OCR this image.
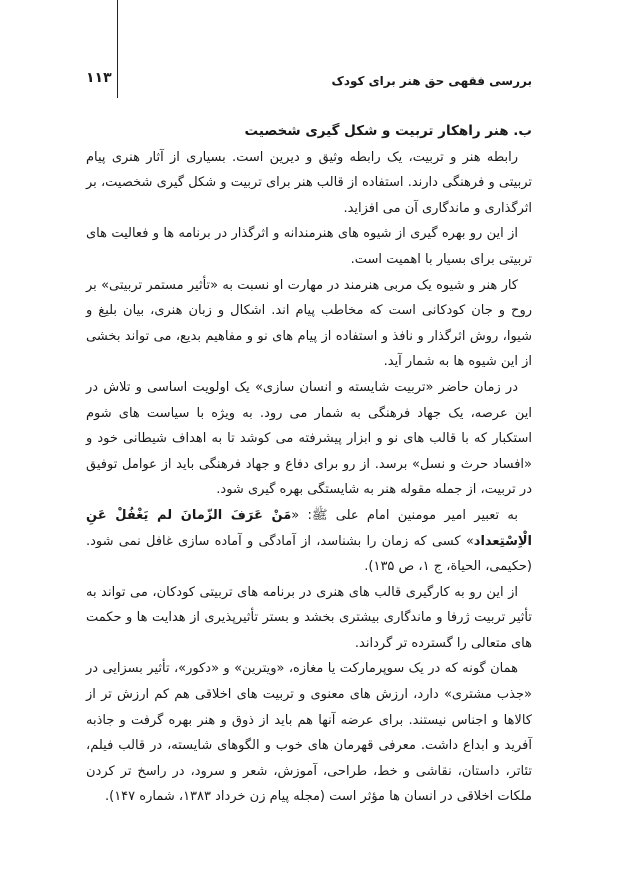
بررسی فقهی حق هنر برای کودک
۱۱۳

ب. هنر راهکار تربیت و شکل گیری شخصیت

رابطه هنر و تربیت، یک رابطه وثیق و دیرین است. بسیاری از آثار هنری پیام تربیتی و فرهنگی دارند. استفاده از قالب هنر برای تربیت و شکل گیری شخصیت، بر اثرگذاری و ماندگاری آن می افزاید.

از این رو بهره گیری از شیوه های هنرمندانه و اثرگذار در برنامه ها و فعالیت های تربیتی برای بسیار با اهمیت است.

کار هنر و شیوه یک مربی هنرمند در مهارت او نسبت به «تأثیر مستمر تربیتی» بر روح و جان کودکانی است که مخاطب پیام اند. اشکال و زبان هنری، بیان بلیغ و شیوا، روش اثرگذار و نافذ و استفاده از پیام های نو و مفاهیم بدیع، می تواند بخشی از این شیوه ها به شمار آید.

در زمان حاضر «تربیت شایسته و انسان سازی» یک اولویت اساسی و تلاش در این عرصه، یک جهاد فرهنگی به شمار می رود. به ویژه با سیاست های شوم استکبار که با قالب های نو و ابزار پیشرفته می کوشد تا به اهداف شیطانی خود و «افساد حرث و نسل» برسد. از رو برای دفاع و جهاد فرهنگی باید از عوامل توفیق در تربیت، از جمله مقوله هنر به شایستگی بهره گیری شود.

به تعبیر امیر مومنین امام علی ﷺ: «مَنْ عَرَفَ الزّمانَ لم یَغْفُلْ عَنِ الْاِسْتِعداد» کسی که زمان را بشناسد، از آمادگی و آماده سازی غافل نمی شود. (حکیمی، الحیاة، ج ۱، ص ۱۳۵).

از این رو به کارگیری قالب های هنری در برنامه های تربیتی کودکان، می تواند به تأثیر تربیت ژرفا و ماندگاری بیشتری بخشد و بستر تأثیرپذیری از هدایت ها و حکمت های متعالی را گسترده تر گرداند.

همان گونه که در یک سوپرمارکت یا مغازه، «ویترین» و «دکور»، تأثیر بسزایی در «جذب مشتری» دارد، ارزش های معنوی و تربیت های اخلاقی هم کم ارزش تر از کالاها و اجناس نیستند. برای عرضه آنها هم باید از ذوق و هنر بهره گرفت و جاذبه آفرید و ابداع داشت. معرفی قهرمان های خوب و الگوهای شایسته، در قالب فیلم، تئاتر، داستان، نقاشی و خط، طراحی، آموزش، شعر و سرود، در راسخ تر کردن ملکات اخلاقی در انسان ها مؤثر است (مجله پیام زن خرداد ۱۳۸۳، شماره ۱۴۷).
